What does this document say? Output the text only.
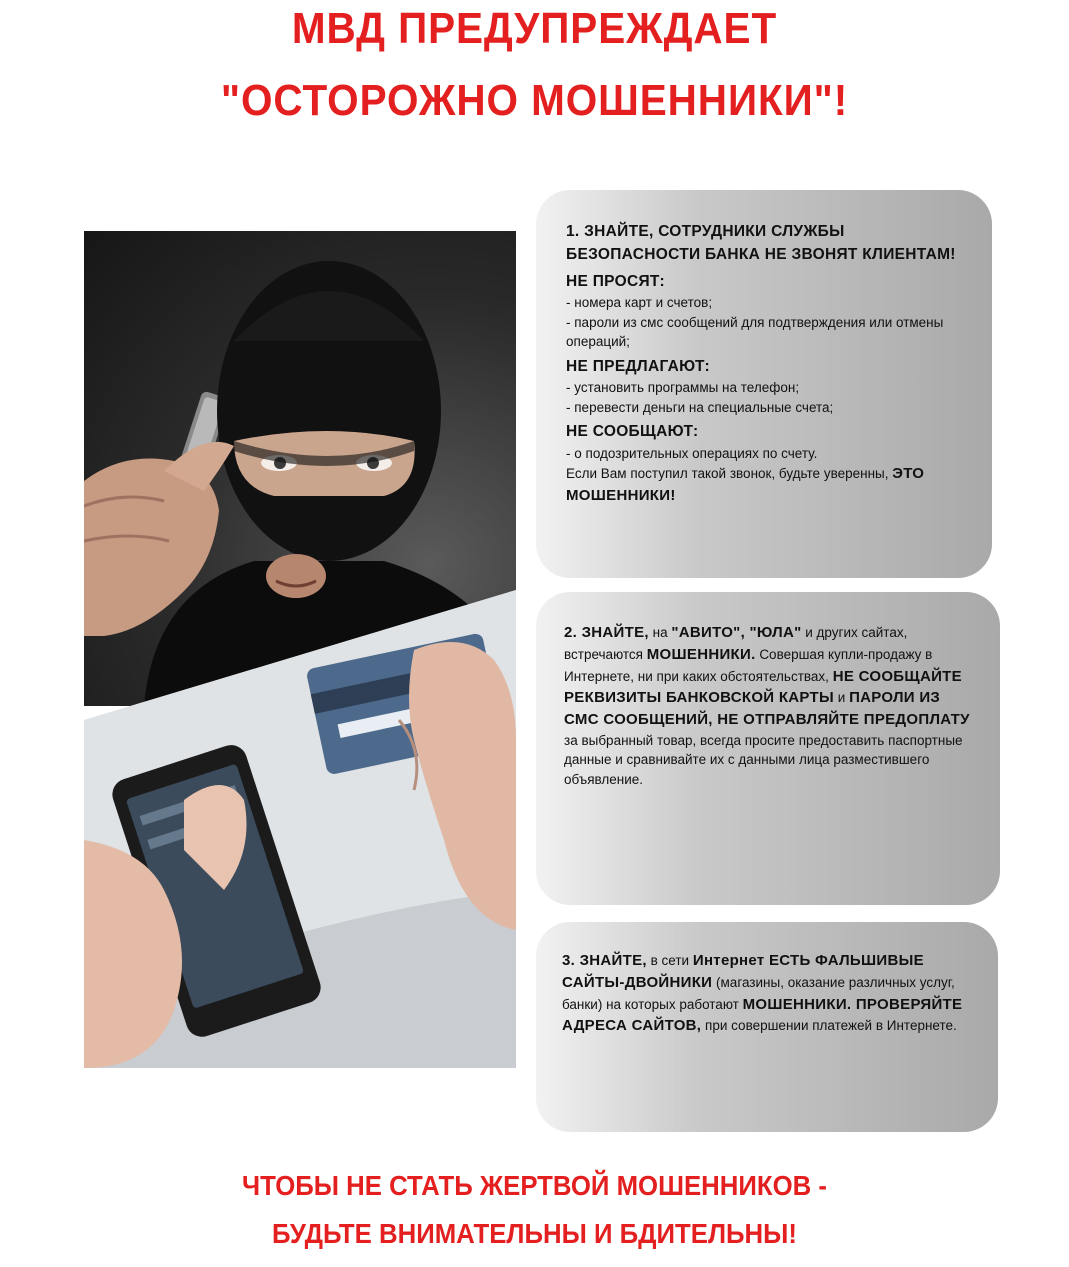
МВД ПРЕДУПРЕЖДАЕТ
"ОСТОРОЖНО МОШЕННИКИ"!

1. ЗНАЙТЕ, СОТРУДНИКИ СЛУЖБЫ БЕЗОПАСНОСТИ БАНКА НЕ ЗВОНЯТ КЛИЕНТАМ!

НЕ ПРОСЯТ:

- номера карт и счетов;

- пароли из смс сообщений для подтверждения или отмены операций;

НЕ ПРЕДЛАГАЮТ:

- установить программы на телефон;

- перевести деньги на специальные счета;

НЕ СООБЩАЮТ:

- о подозрительных операциях по счету.

Если Вам поступил такой звонок, будьте уверенны, ЭТО МОШЕННИКИ!

2. ЗНАЙТЕ, на "АВИТО", "ЮЛА" и других сайтах, встречаются МОШЕННИКИ. Совершая купли-продажу в Интернете, ни при каких обстоятельствах, НЕ СООБЩАЙТЕ РЕКВИЗИТЫ БАНКОВСКОЙ КАРТЫ и ПАРОЛИ ИЗ СМС СООБЩЕНИЙ, НЕ ОТПРАВЛЯЙТЕ ПРЕДОПЛАТУ за выбранный товар, всегда просите предоставить паспортные данные и сравнивайте их с данными лица разместившего объявление.

3. ЗНАЙТЕ, в сети Интернет ЕСТЬ ФАЛЬШИВЫЕ САЙТЫ-ДВОЙНИКИ (магазины, оказание различных услуг, банки) на которых работают МОШЕННИКИ. ПРОВЕРЯЙТЕ АДРЕСА САЙТОВ, при совершении платежей в Интернете.

ЧТОБЫ НЕ СТАТЬ ЖЕРТВОЙ МОШЕННИКОВ -
БУДЬТЕ ВНИМАТЕЛЬНЫ И БДИТЕЛЬНЫ!
